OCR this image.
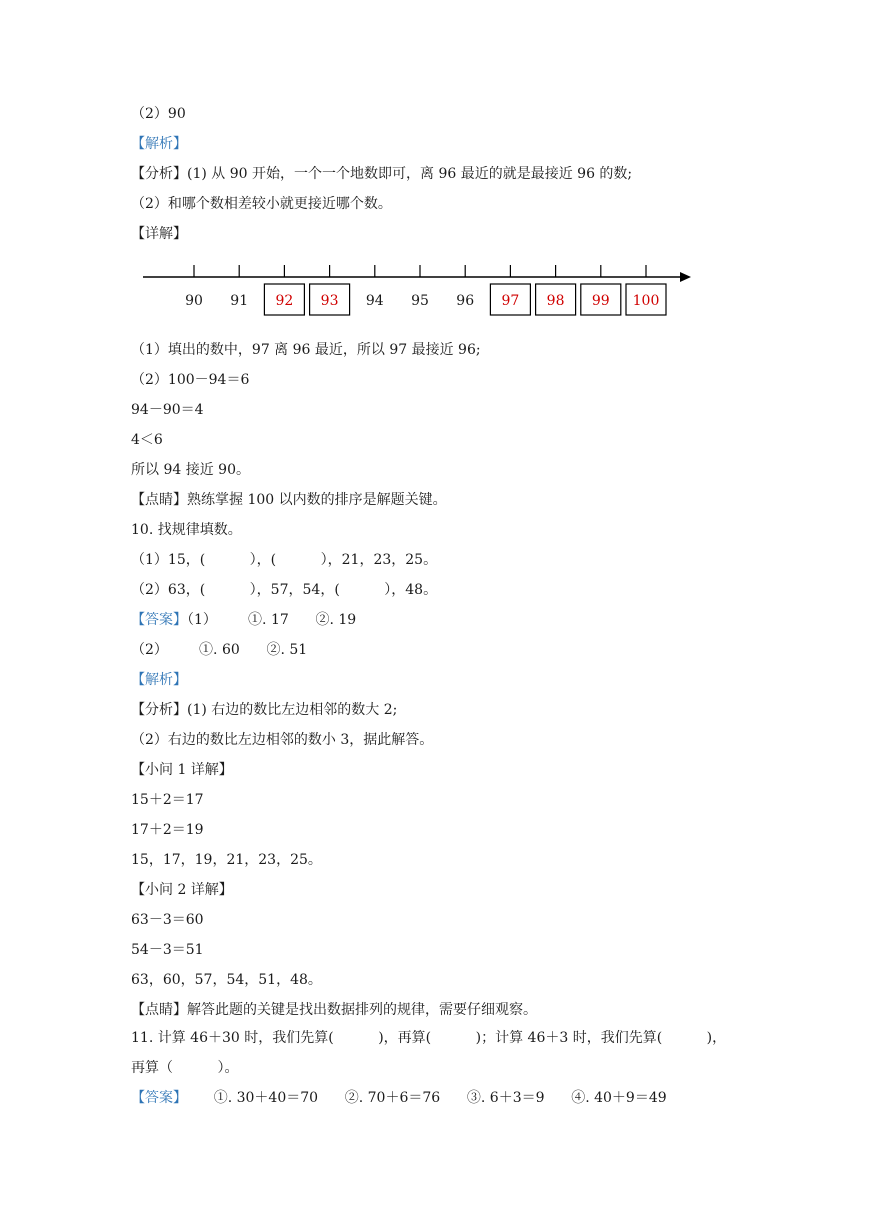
（2）90
【解析】
【分析】(1) 从 90 开始，一个一个地数即可，离 96 最近的就是最接近 96 的数;
（2）和哪个数相差较小就更接近哪个数。
【详解】
（1）填出的数中，97 离 96 最近，所以 97 最接近 96;
（2）100－94＝6
94－90＝4
4＜6
所以 94 接近 90。
【点睛】熟练掌握 100 以内数的排序是解题关键。
10. 找规律填数。
（1）15，(          ），(          ），21，23，25。
（2）63，(          ），57，54，(          ），48。
【答案】（1）       ①. 17      ②. 19
（2）       ①. 60      ②. 51
【解析】
【分析】(1) 右边的数比左边相邻的数大 2;
（2）右边的数比左边相邻的数小 3，据此解答。
【小问 1 详解】
15＋2＝17
17＋2＝19
15，17，19，21，23，25。
【小问 2 详解】
63－3＝60
54－3＝51
63，60，57，54，51，48。
【点睛】解答此题的关键是找出数据排列的规律，需要仔细观察。
11. 计算 46＋30 时，我们先算(          )，再算(          )；计算 46＋3 时，我们先算(          )，
再算（          ）。
【答案】      ①. 30＋40＝70      ②. 70＋6＝76      ③. 6＋3＝9      ④. 40＋9＝49
90 91 92 93 94 95 96 97 98 99 100
